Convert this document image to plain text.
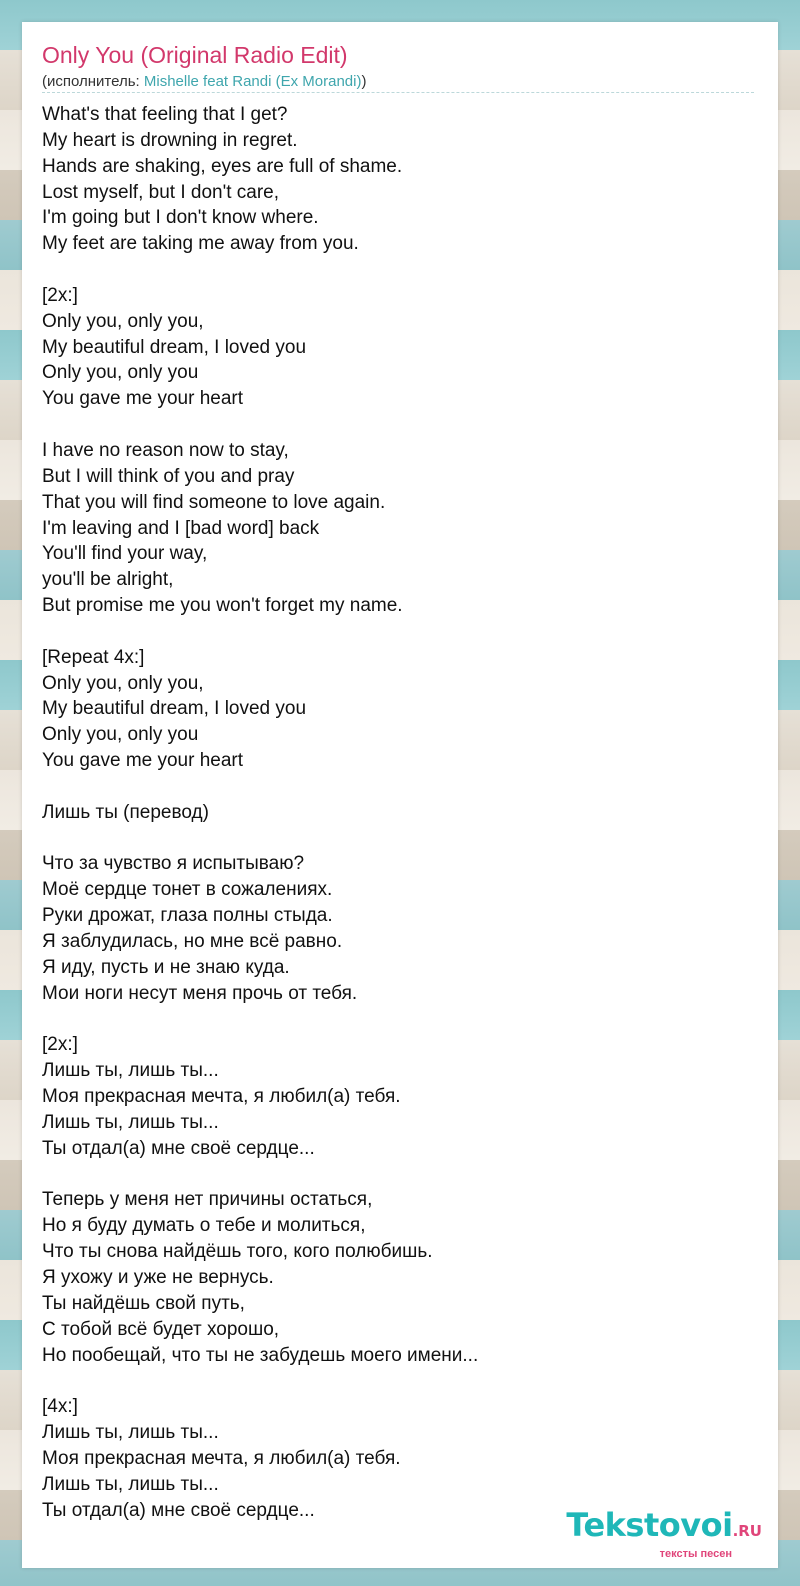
Only You (Original Radio Edit)
(исполнитель: Mishelle feat Randi (Ex Morandi))
What's that feeling that I get?
My heart is drowning in regret.
Hands are shaking, eyes are full of shame.
Lost myself, but I don't care,
I'm going but I don't know where.
My feet are taking me away from you.

[2x:]
Only you, only you,
My beautiful dream, I loved you
Only you, only you
You gave me your heart

I have no reason now to stay,
But I will think of you and pray
That you will find someone to love again.
I'm leaving and I [bad word] back
You'll find your way,
you'll be alright,
But promise me you won't forget my name.

[Repeat 4x:]
Only you, only you,
My beautiful dream, I loved you
Only you, only you
You gave me your heart

Лишь ты (перевод)

Что за чувство я испытываю?
Моё сердце тонет в сожалениях.
Руки дрожат, глаза полны стыда.
Я заблудилась, но мне всё равно.
Я иду, пусть и не знаю куда.
Мои ноги несут меня прочь от тебя.

[2x:]
Лишь ты, лишь ты...
Моя прекрасная мечта, я любил(а) тебя.
Лишь ты, лишь ты...
Ты отдал(а) мне своё сердце...

Теперь у меня нет причины остаться,
Но я буду думать о тебе и молиться,
Что ты снова найдёшь того, кого полюбишь.
Я ухожу и уже не вернусь.
Ты найдёшь свой путь,
С тобой всё будет хорошо,
Но пообещай, что ты не забудешь моего имени...

[4x:]
Лишь ты, лишь ты...
Моя прекрасная мечта, я любил(а) тебя.
Лишь ты, лишь ты...
Ты отдал(а) мне своё сердце...	Tekstovoi.RU
тексты песен
